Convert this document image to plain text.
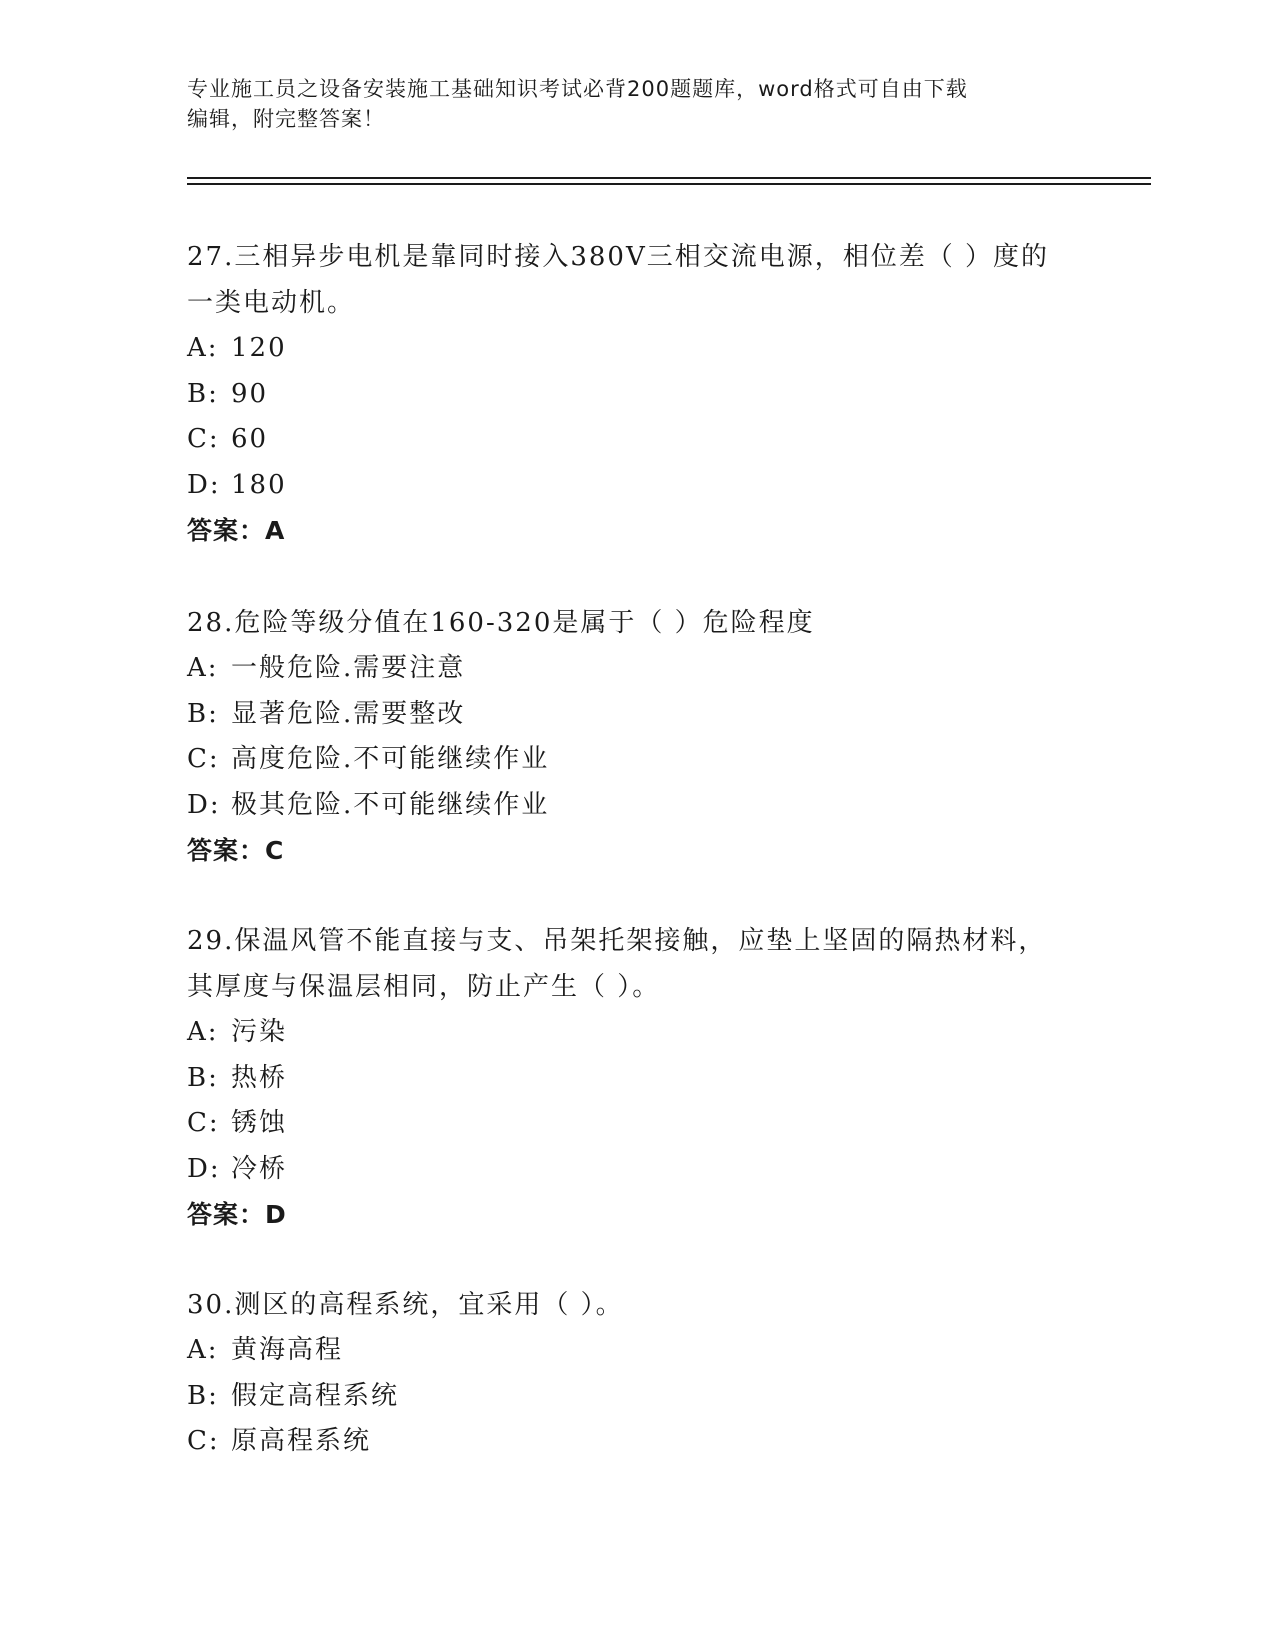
专业施工员之设备安装施工基础知识考试必背200题题库，word格式可自由下载
编辑，附完整答案！
27.三相异步电机是靠同时接入380V三相交流电源，相位差（ ）度的
一类电动机。
A: 120
B: 90
C: 60
D: 180
答案：A
28.危险等级分值在160-320是属于（ ）危险程度
A: 一般危险.需要注意
B: 显著危险.需要整改
C: 高度危险.不可能继续作业
D: 极其危险.不可能继续作业
答案：C
29.保温风管不能直接与支、吊架托架接触，应垫上坚固的隔热材料，
其厚度与保温层相同，防止产生（ ）。
A: 污染
B: 热桥
C: 锈蚀
D: 冷桥
答案：D
30.测区的高程系统，宜采用（ ）。
A: 黄海高程
B: 假定高程系统
C: 原高程系统
